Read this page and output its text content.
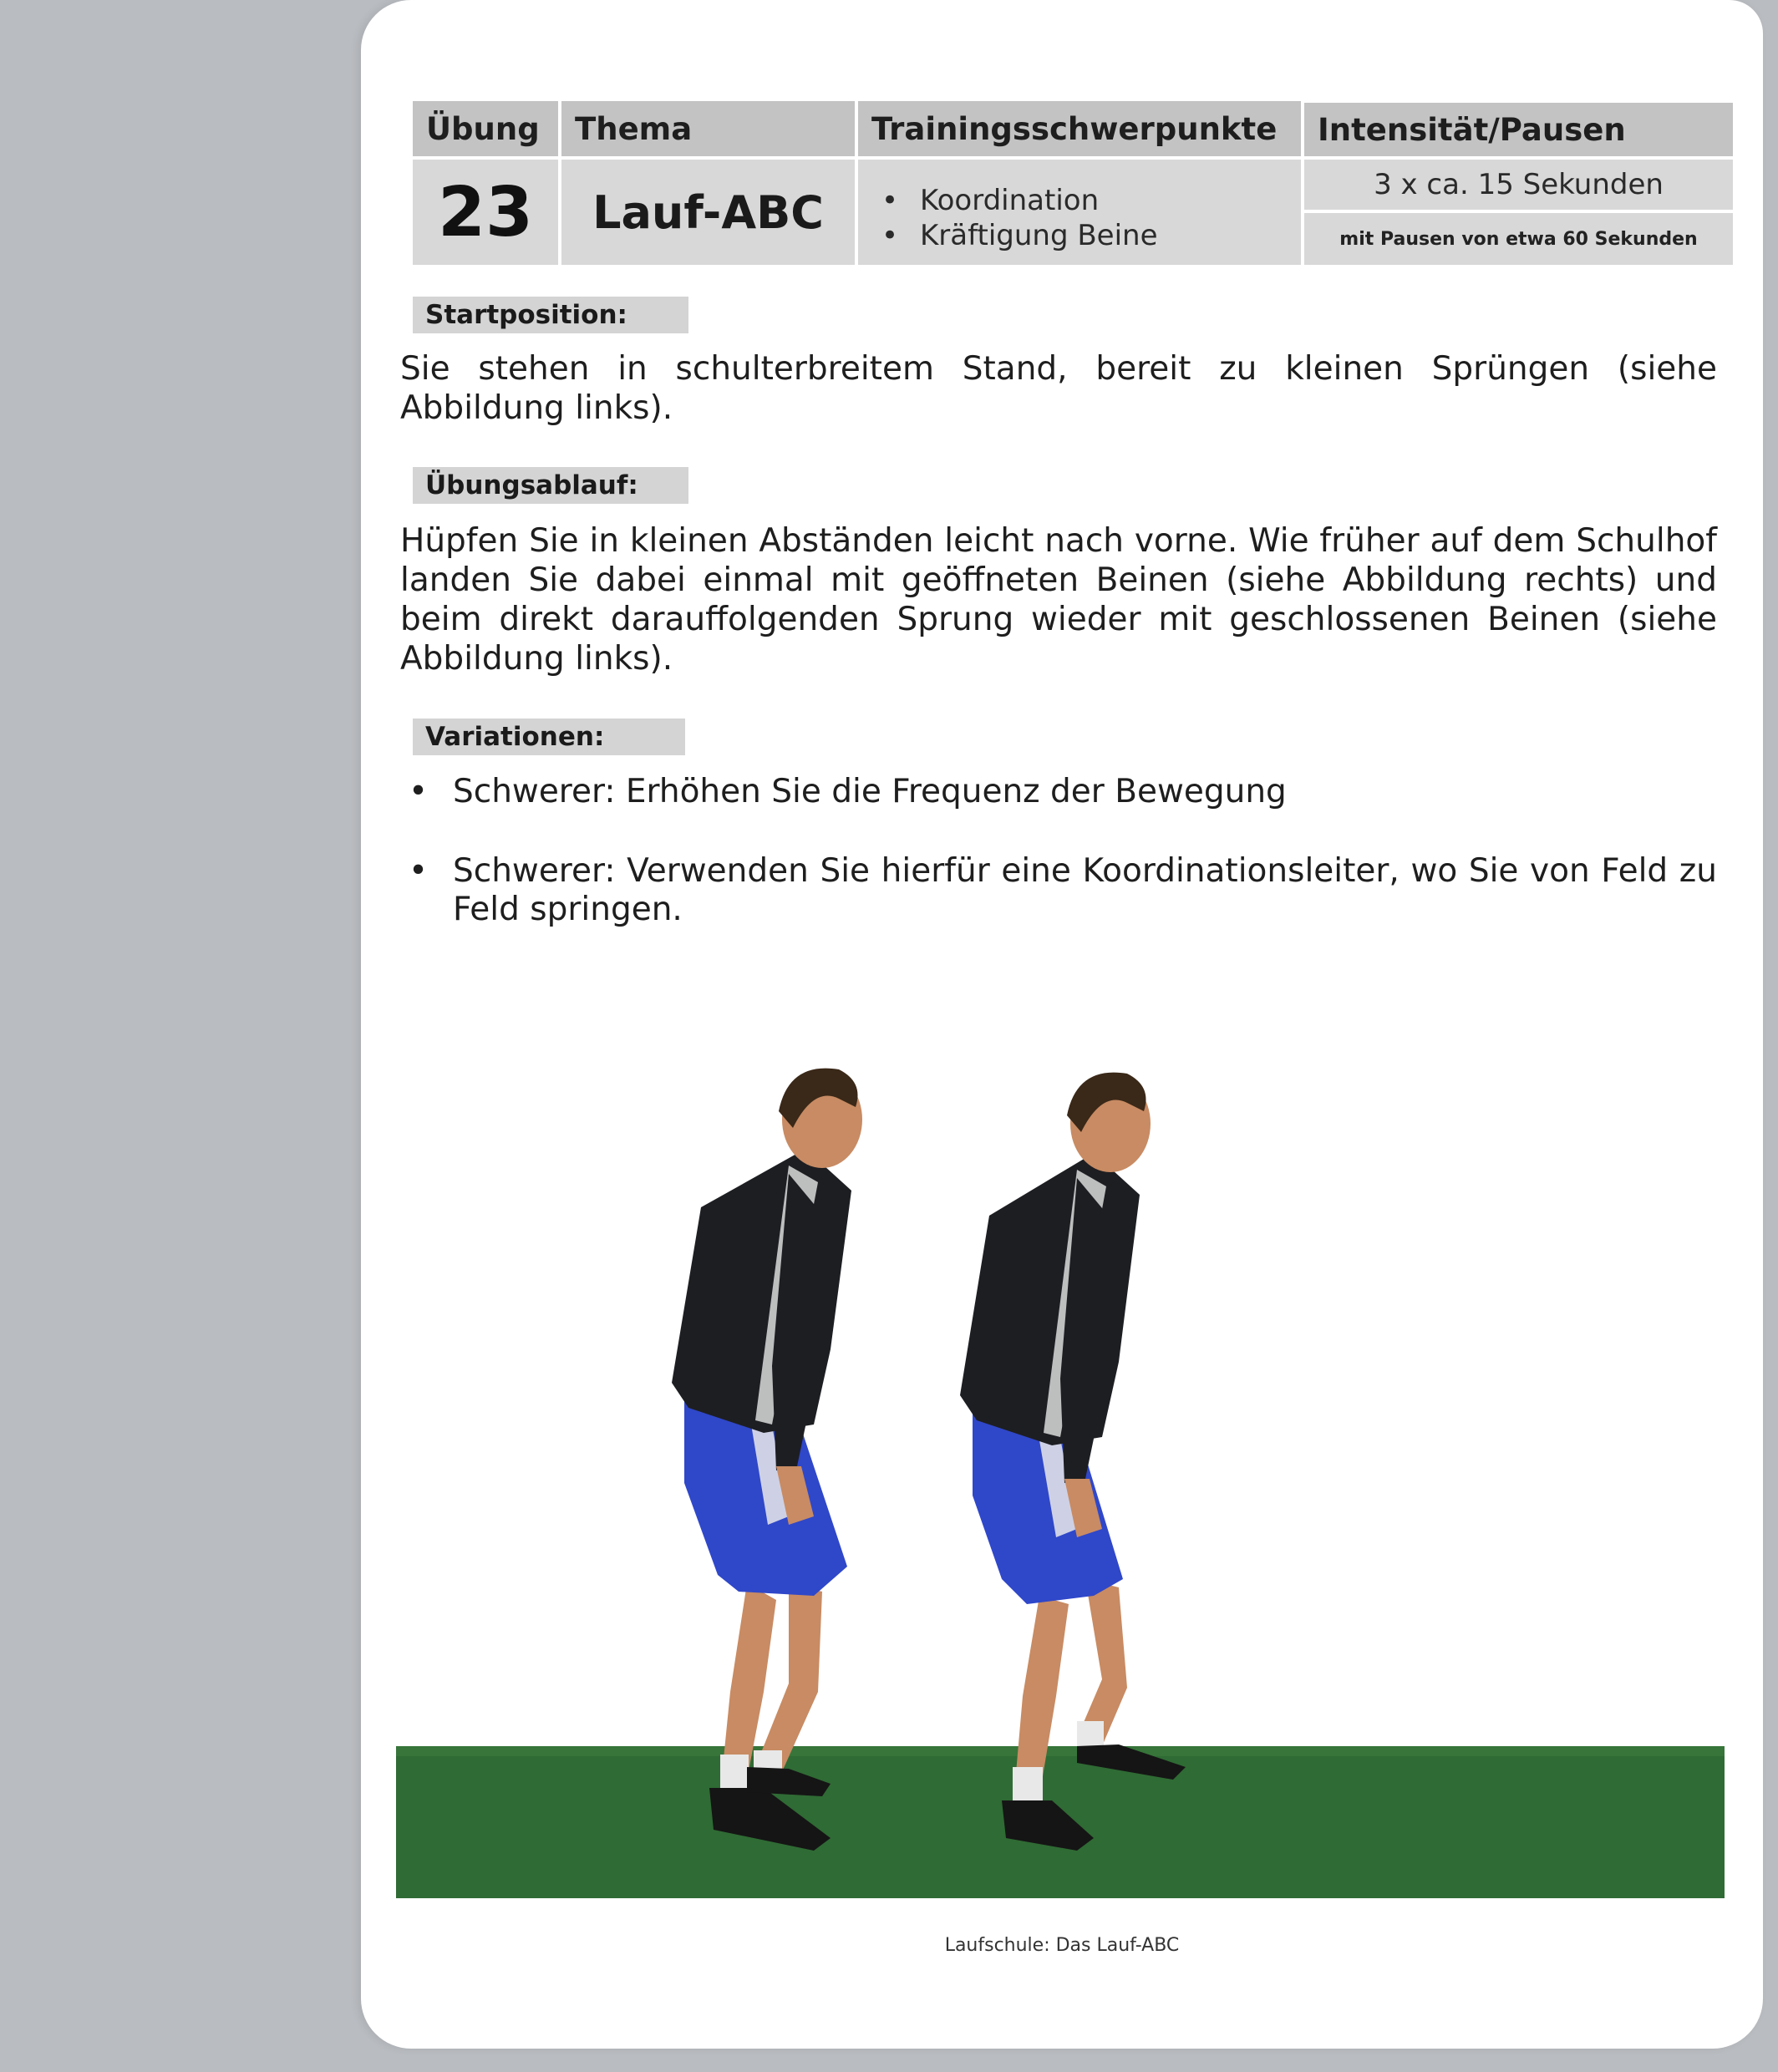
Übung	Thema	Trainingsschwerpunkte	Intensität/Pausen
23	Lauf-ABC
•	Koordination
• Kräftigung Beine
3 x ca. 15 Sekunden
mit Pausen von etwa 60 Sekunden
Startposition:
Sie stehen in schulterbreitem Stand, bereit zu kleinen Sprüngen (siehe Abbildung links).
Übungsablauf:
Hüpfen Sie in kleinen Abständen leicht nach vorne. Wie früher auf dem Schulhof landen Sie dabei einmal mit geöffneten Beinen (siehe Abbildung rechts) und beim direkt darauffolgenden Sprung wieder mit geschlossenen Beinen (siehe Abbildung links).
Variationen:
• Schwerer: Erhöhen Sie die Frequenz der Bewegung
• Schwerer: Verwenden Sie hierfür eine Koordinationsleiter, wo Sie von Feld zu Feld springen.
Laufschule: Das Lauf-ABC
